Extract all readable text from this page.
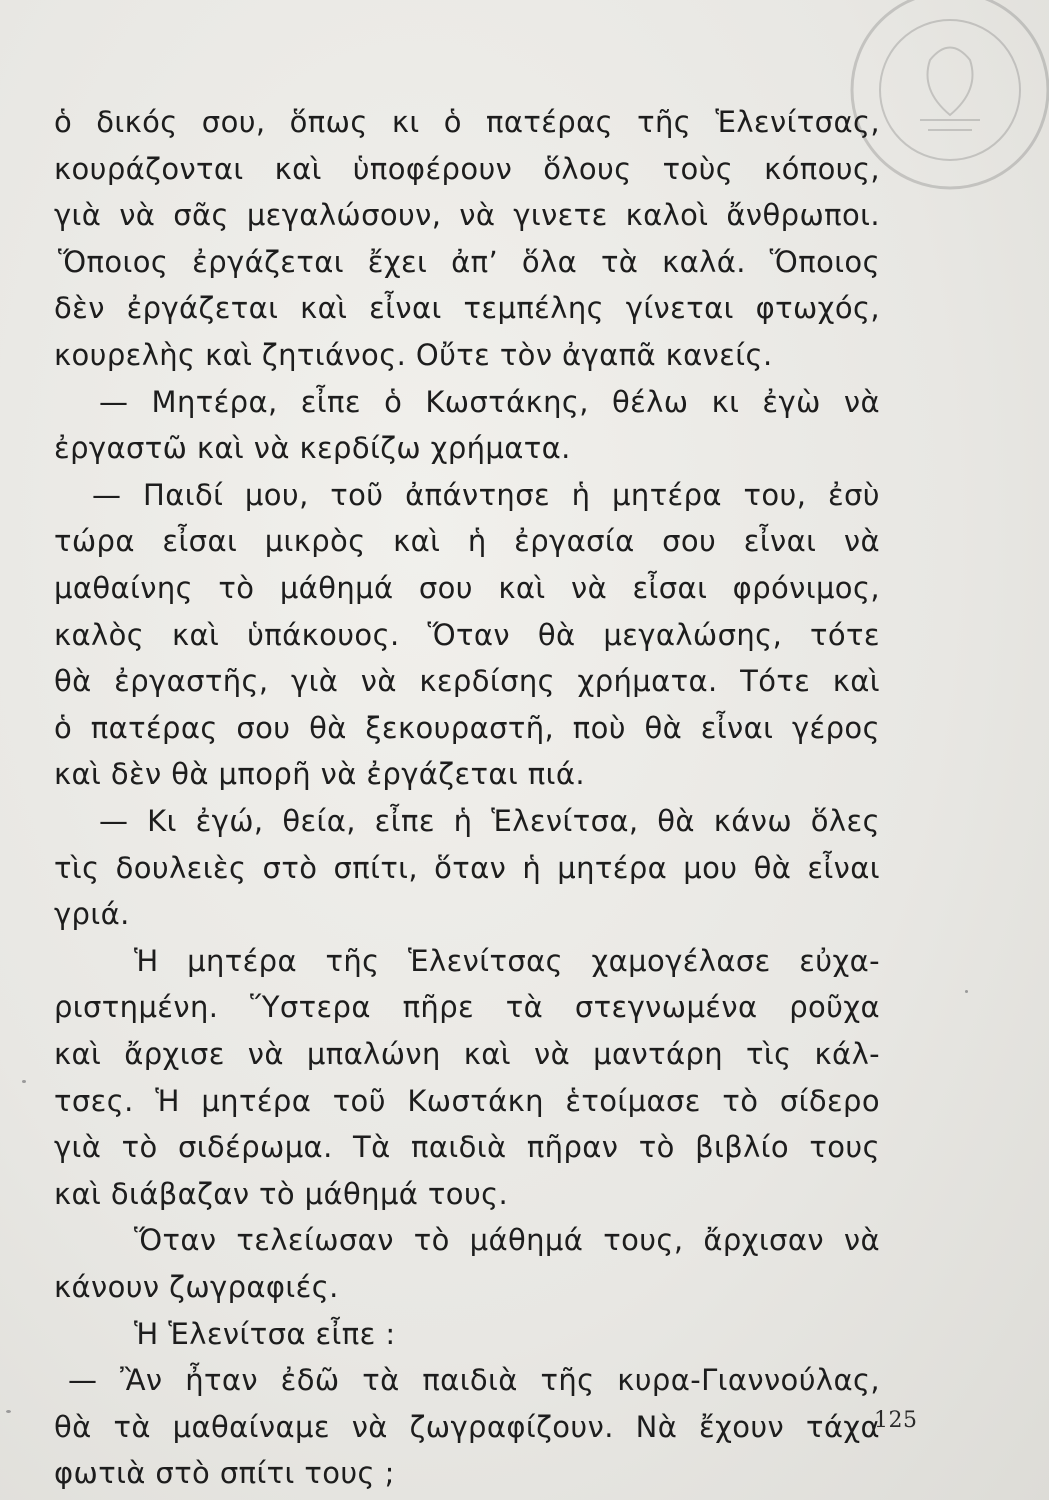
ὁ δικός σου, ὅπως κι ὁ πατέρας τῆς Ἑλενίτσας,
κουράζονται καὶ ὑποφέρουν ὅλους τοὺς κόπους,
γιὰ νὰ σᾶς μεγαλώσουν, νὰ γινετε καλοὶ ἄνθρωποι.
Ὅποιος ἐργάζεται ἔχει ἀπ’ ὅλα τὰ καλά. Ὅποιος
δὲν ἐργάζεται καὶ εἶναι τεμπέλης γίνεται φτωχός,
κουρελὴς καὶ ζητιάνος. Οὔτε τὸν ἀγαπᾶ κανείς.
— Μητέρα, εἶπε ὁ Κωστάκης, θέλω κι ἐγὼ νὰ
ἐργαστῶ καὶ νὰ κερδίζω χρήματα.
— Παιδί μου, τοῦ ἀπάντησε ἡ μητέρα του, ἐσὺ
τώρα εἶσαι μικρὸς καὶ ἡ ἐργασία σου εἶναι νὰ
μαθαίνης τὸ μάθημά σου καὶ νὰ εἶσαι φρόνιμος,
καλὸς καὶ ὑπάκουος. Ὅταν θὰ μεγαλώσης, τότε
θὰ ἐργαστῆς, γιὰ νὰ κερδίσης χρήματα. Τότε καὶ
ὁ πατέρας σου θὰ ξεκουραστῆ, ποὺ θὰ εἶναι γέρος
καὶ δὲν θὰ μπορῆ νὰ ἐργάζεται πιά.
— Κι ἐγώ, θεία, εἶπε ἡ Ἑλενίτσα, θὰ κάνω ὅλες
τὶς δουλειὲς στὸ σπίτι, ὅταν ἡ μητέρα μου θὰ εἶναι
γριά.
Ἡ μητέρα τῆς Ἑλενίτσας χαμογέλασε εὐχα-
ριστημένη. Ὕστερα πῆρε τὰ στεγνωμένα ροῦχα
καὶ ἄρχισε νὰ μπαλώνη καὶ νὰ μαντάρη τὶς κάλ-
τσες. Ἡ μητέρα τοῦ Κωστάκη ἑτοίμασε τὸ σίδερο
γιὰ τὸ σιδέρωμα. Τὰ παιδιὰ πῆραν τὸ βιβλίο τους
καὶ διάβαζαν τὸ μάθημά τους.
Ὅταν τελείωσαν τὸ μάθημά τους, ἄρχισαν νὰ
κάνουν ζωγραφιές.
Ἡ Ἑλενίτσα εἶπε :
— Ἂν ἦταν ἐδῶ τὰ παιδιὰ τῆς κυρα-Γιαννούλας,
θὰ τὰ μαθαίναμε νὰ ζωγραφίζουν. Νὰ ἔχουν τάχα
φωτιὰ στὸ σπίτι τους ;
125
